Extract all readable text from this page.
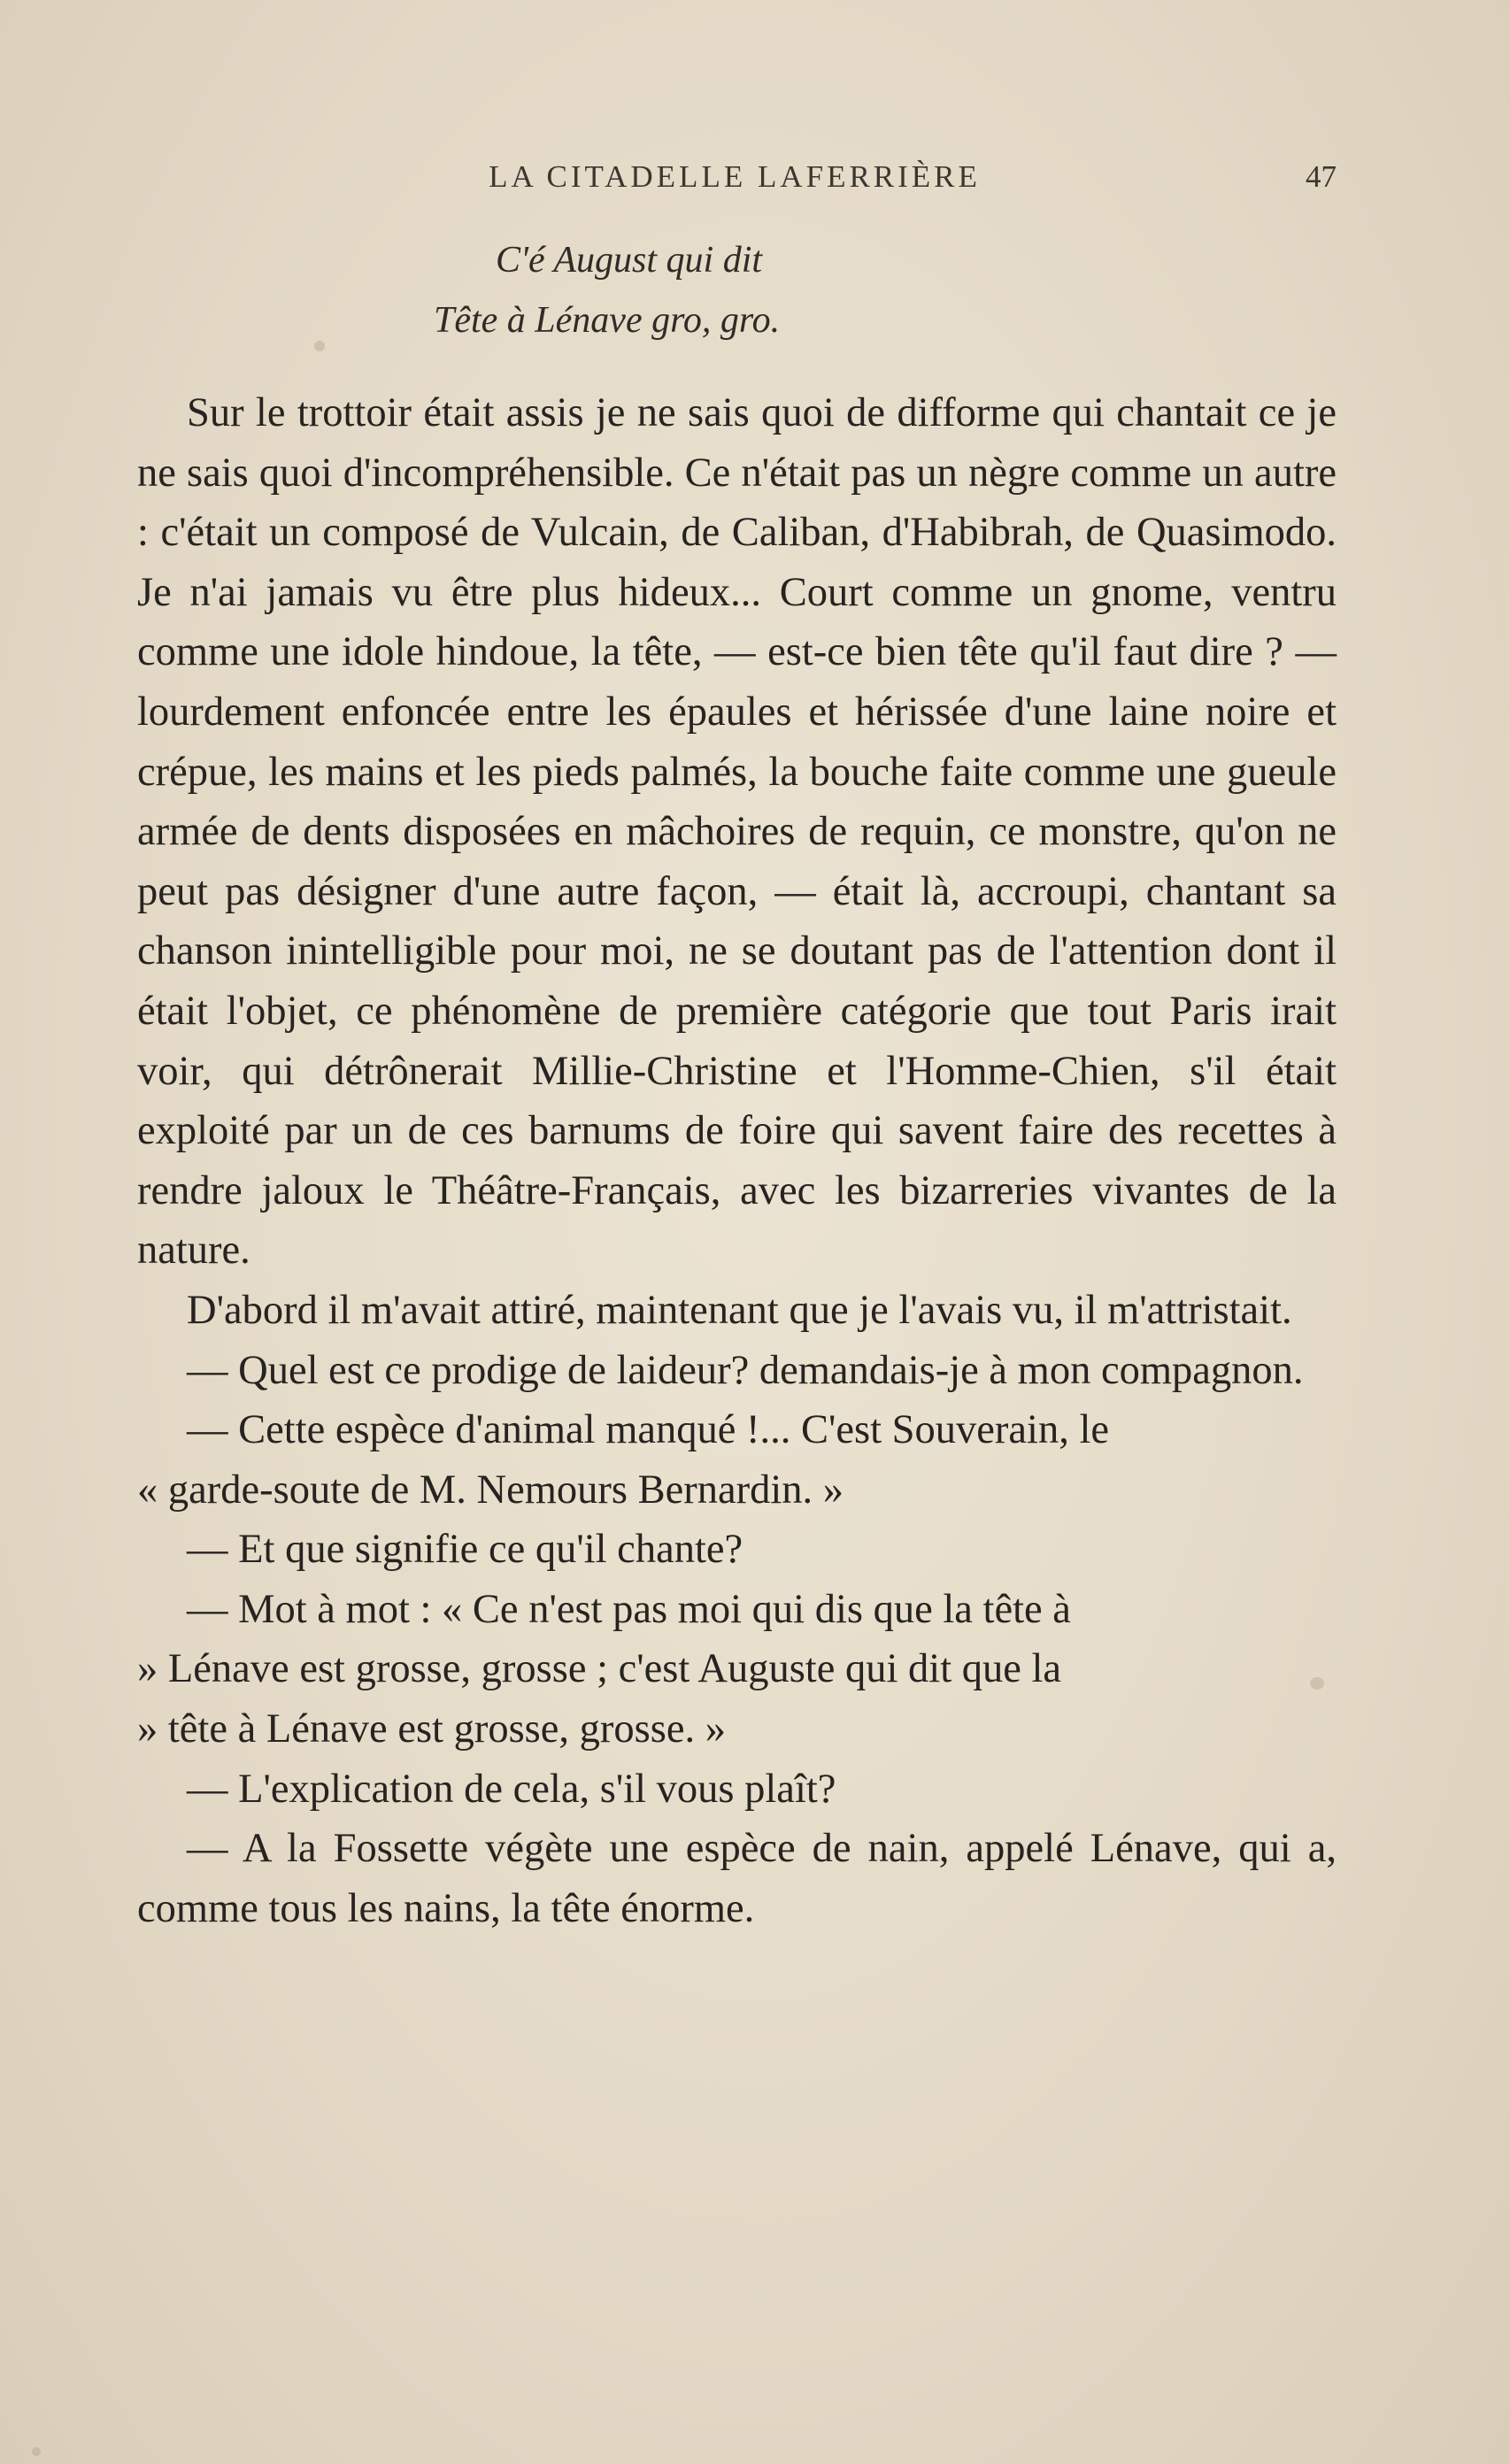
LA CITADELLE LAFERRIÈRE	47
C'é August qui dit
Tête à Lénave gro, gro.

Sur le trottoir était assis je ne sais quoi de difforme qui chantait ce je ne sais quoi d'incompréhensible. Ce n'était pas un nègre comme un autre : c'était un composé de Vulcain, de Caliban, d'Habibrah, de Quasimodo. Je n'ai jamais vu être plus hideux... Court comme un gnome, ventru comme une idole hindoue, la tête, — est-ce bien tête qu'il faut dire ? — lourdement enfoncée entre les épaules et hérissée d'une laine noire et crépue, les mains et les pieds palmés, la bouche faite comme une gueule armée de dents disposées en mâchoires de requin, ce monstre, qu'on ne peut pas désigner d'une autre façon, — était là, accroupi, chantant sa chanson inintelligible pour moi, ne se doutant pas de l'attention dont il était l'objet, ce phénomène de première catégorie que tout Paris irait voir, qui détrônerait Millie-Christine et l'Homme-Chien, s'il était exploité par un de ces barnums de foire qui savent faire des recettes à rendre jaloux le Théâtre-Français, avec les bizarreries vivantes de la nature.

D'abord il m'avait attiré, maintenant que je l'avais vu, il m'attristait.

— Quel est ce prodige de laideur? demandais-je à mon compagnon.

— Cette espèce d'animal manqué !... C'est Souverain, le

« garde-soute de M. Nemours Bernardin. »

— Et que signifie ce qu'il chante?

— Mot à mot : « Ce n'est pas moi qui dis que la tête à

» Lénave est grosse, grosse ; c'est Auguste qui dit que la

» tête à Lénave est grosse, grosse. »

— L'explication de cela, s'il vous plaît?

— A la Fossette végète une espèce de nain, appelé Lénave, qui a, comme tous les nains, la tête énorme.
